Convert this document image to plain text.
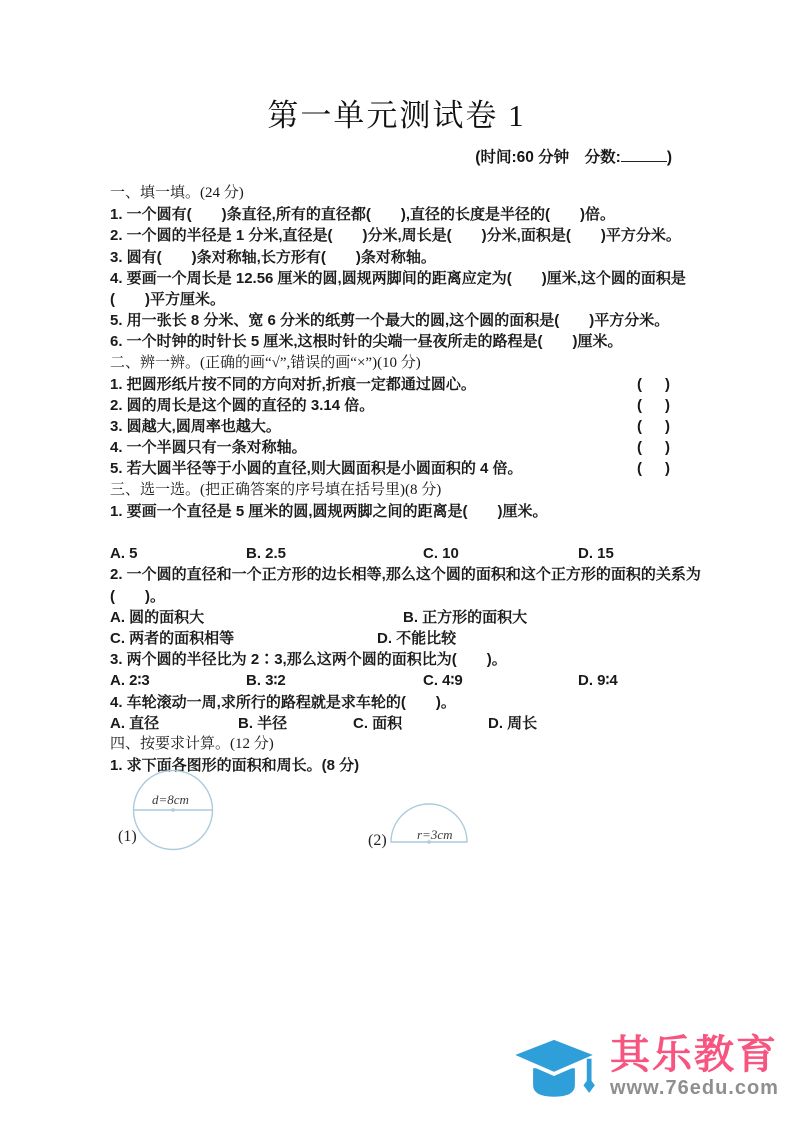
第一单元测试卷 1
(时间:60 分钟　分数:	)
一、填一填。(24 分)
1. 一个圆有(　　)条直径,所有的直径都(　　),直径的长度是半径的(　　)倍。
2. 一个圆的半径是 1 分米,直径是(　　)分米,周长是(　　)分米,面积是(　　)平方分米。
3. 圆有(　　)条对称轴,长方形有(　　)条对称轴。
4. 要画一个周长是 12.56 厘米的圆,圆规两脚间的距离应定为(　　)厘米,这个圆的面积是
(　　)平方厘米。
5. 用一张长 8 分米、宽 6 分米的纸剪一个最大的圆,这个圆的面积是(　　)平方分米。
6. 一个时钟的时针长 5 厘米,这根时针的尖端一昼夜所走的路程是(　　)厘米。
二、辨一辨。(正确的画“√”,错误的画“×”)(10 分)
1. 把圆形纸片按不同的方向对折,折痕一定都通过圆心。	(　)
2. 圆的周长是这个圆的直径的 3.14 倍。	(　)
3. 圆越大,圆周率也越大。	(　)
4. 一个半圆只有一条对称轴。	(　)
5. 若大圆半径等于小圆的直径,则大圆面积是小圆面积的 4 倍。	(　)
三、选一选。(把正确答案的序号填在括号里)(8 分)
1. 要画一个直径是 5 厘米的圆,圆规两脚之间的距离是(　　)厘米。
A. 5	B. 2.5	C. 10	D. 15
2. 一个圆的直径和一个正方形的边长相等,那么这个圆的面积和这个正方形的面积的关系为
(　　)。
A. 圆的面积大	B. 正方形的面积大
C. 两者的面积相等	D. 不能比较
3. 两个圆的半径比为 2∶3,那么这两个圆的面积比为(　　)。
A. 2∶3	B. 3∶2	C. 4∶9	D. 9∶4
4. 车轮滚动一周,求所行的路程就是求车轮的(　　)。
A. 直径	B. 半径	C. 面积	D. 周长
四、按要求计算。(12 分)
1. 求下面各图形的面积和周长。(8 分)
d=8cm
(1)	r=3cm
(2)
其乐教育
www.76edu.com
